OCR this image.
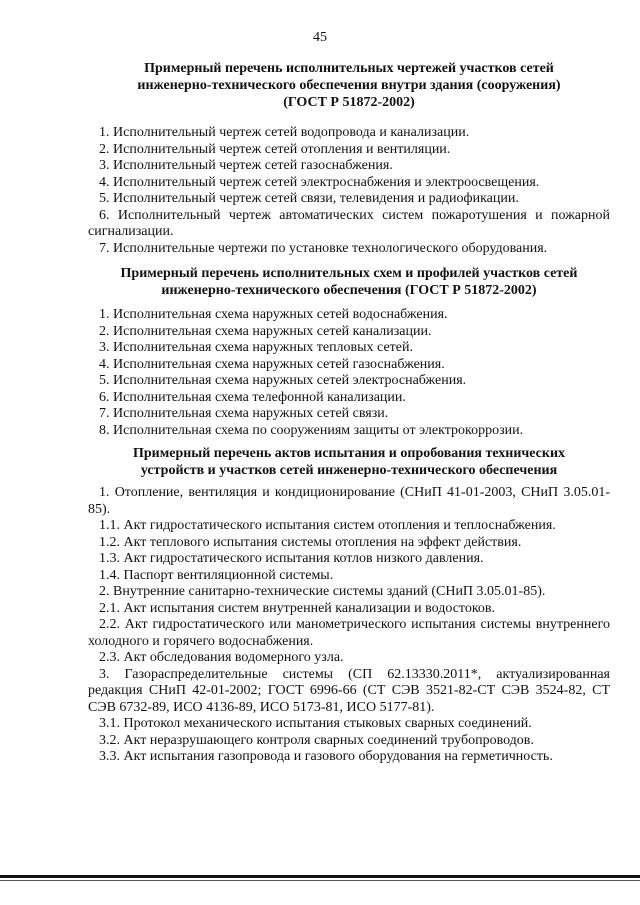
45
Примерный перечень исполнительных чертежей участков сетей
инженерно-технического обеспечения внутри здания (сооружения)
(ГОСТ Р 51872-2002)

1. Исполнительный чертеж сетей водопровода и канализации.

2. Исполнительный чертеж сетей отопления и вентиляции.

3. Исполнительный чертеж сетей газоснабжения.

4. Исполнительный чертеж сетей электроснабжения и электроосвещения.

5. Исполнительный чертеж сетей связи, телевидения и радиофикации.

6. Исполнительный чертеж автоматических систем пожаротушения и пожарной сигнализации.

7. Исполнительные чертежи по установке технологического оборудования.

Примерный перечень исполнительных схем и профилей участков сетей
инженерно-технического обеспечения (ГОСТ Р 51872-2002)

1. Исполнительная схема наружных сетей водоснабжения.

2. Исполнительная схема наружных сетей канализации.

3. Исполнительная схема наружных тепловых сетей.

4. Исполнительная схема наружных сетей газоснабжения.

5. Исполнительная схема наружных сетей электроснабжения.

6. Исполнительная схема телефонной канализации.

7. Исполнительная схема наружных сетей связи.

8. Исполнительная схема по сооружениям защиты от электрокоррозии.

Примерный перечень актов испытания и опробования технических
устройств и участков сетей инженерно-технического обеспечения

1. Отопление, вентиляция и кондиционирование (СНиП 41-01-2003, СНиП 3.05.01-85).

1.1. Акт гидростатического испытания систем отопления и теплоснабжения.

1.2. Акт теплового испытания системы отопления на эффект действия.

1.3. Акт гидростатического испытания котлов низкого давления.

1.4. Паспорт вентиляционной системы.

2. Внутренние санитарно-технические системы зданий (СНиП 3.05.01-85).

2.1. Акт испытания систем внутренней канализации и водостоков.

2.2. Акт гидростатического или манометрического испытания системы внутреннего холодного и горячего водоснабжения.

2.3. Акт обследования водомерного узла.

3. Газораспределительные системы (СП 62.13330.2011*, актуализированная редакция СНиП 42-01-2002; ГОСТ 6996-66 (СТ СЭВ 3521-82-СТ СЭВ 3524-82, СТ СЭВ 6732-89, ИСО 4136-89, ИСО 5173-81, ИСО 5177-81).

3.1. Протокол механического испытания стыковых сварных соединений.

3.2. Акт неразрушающего контроля сварных соединений трубопроводов.

3.3. Акт испытания газопровода и газового оборудования на герметичность.
